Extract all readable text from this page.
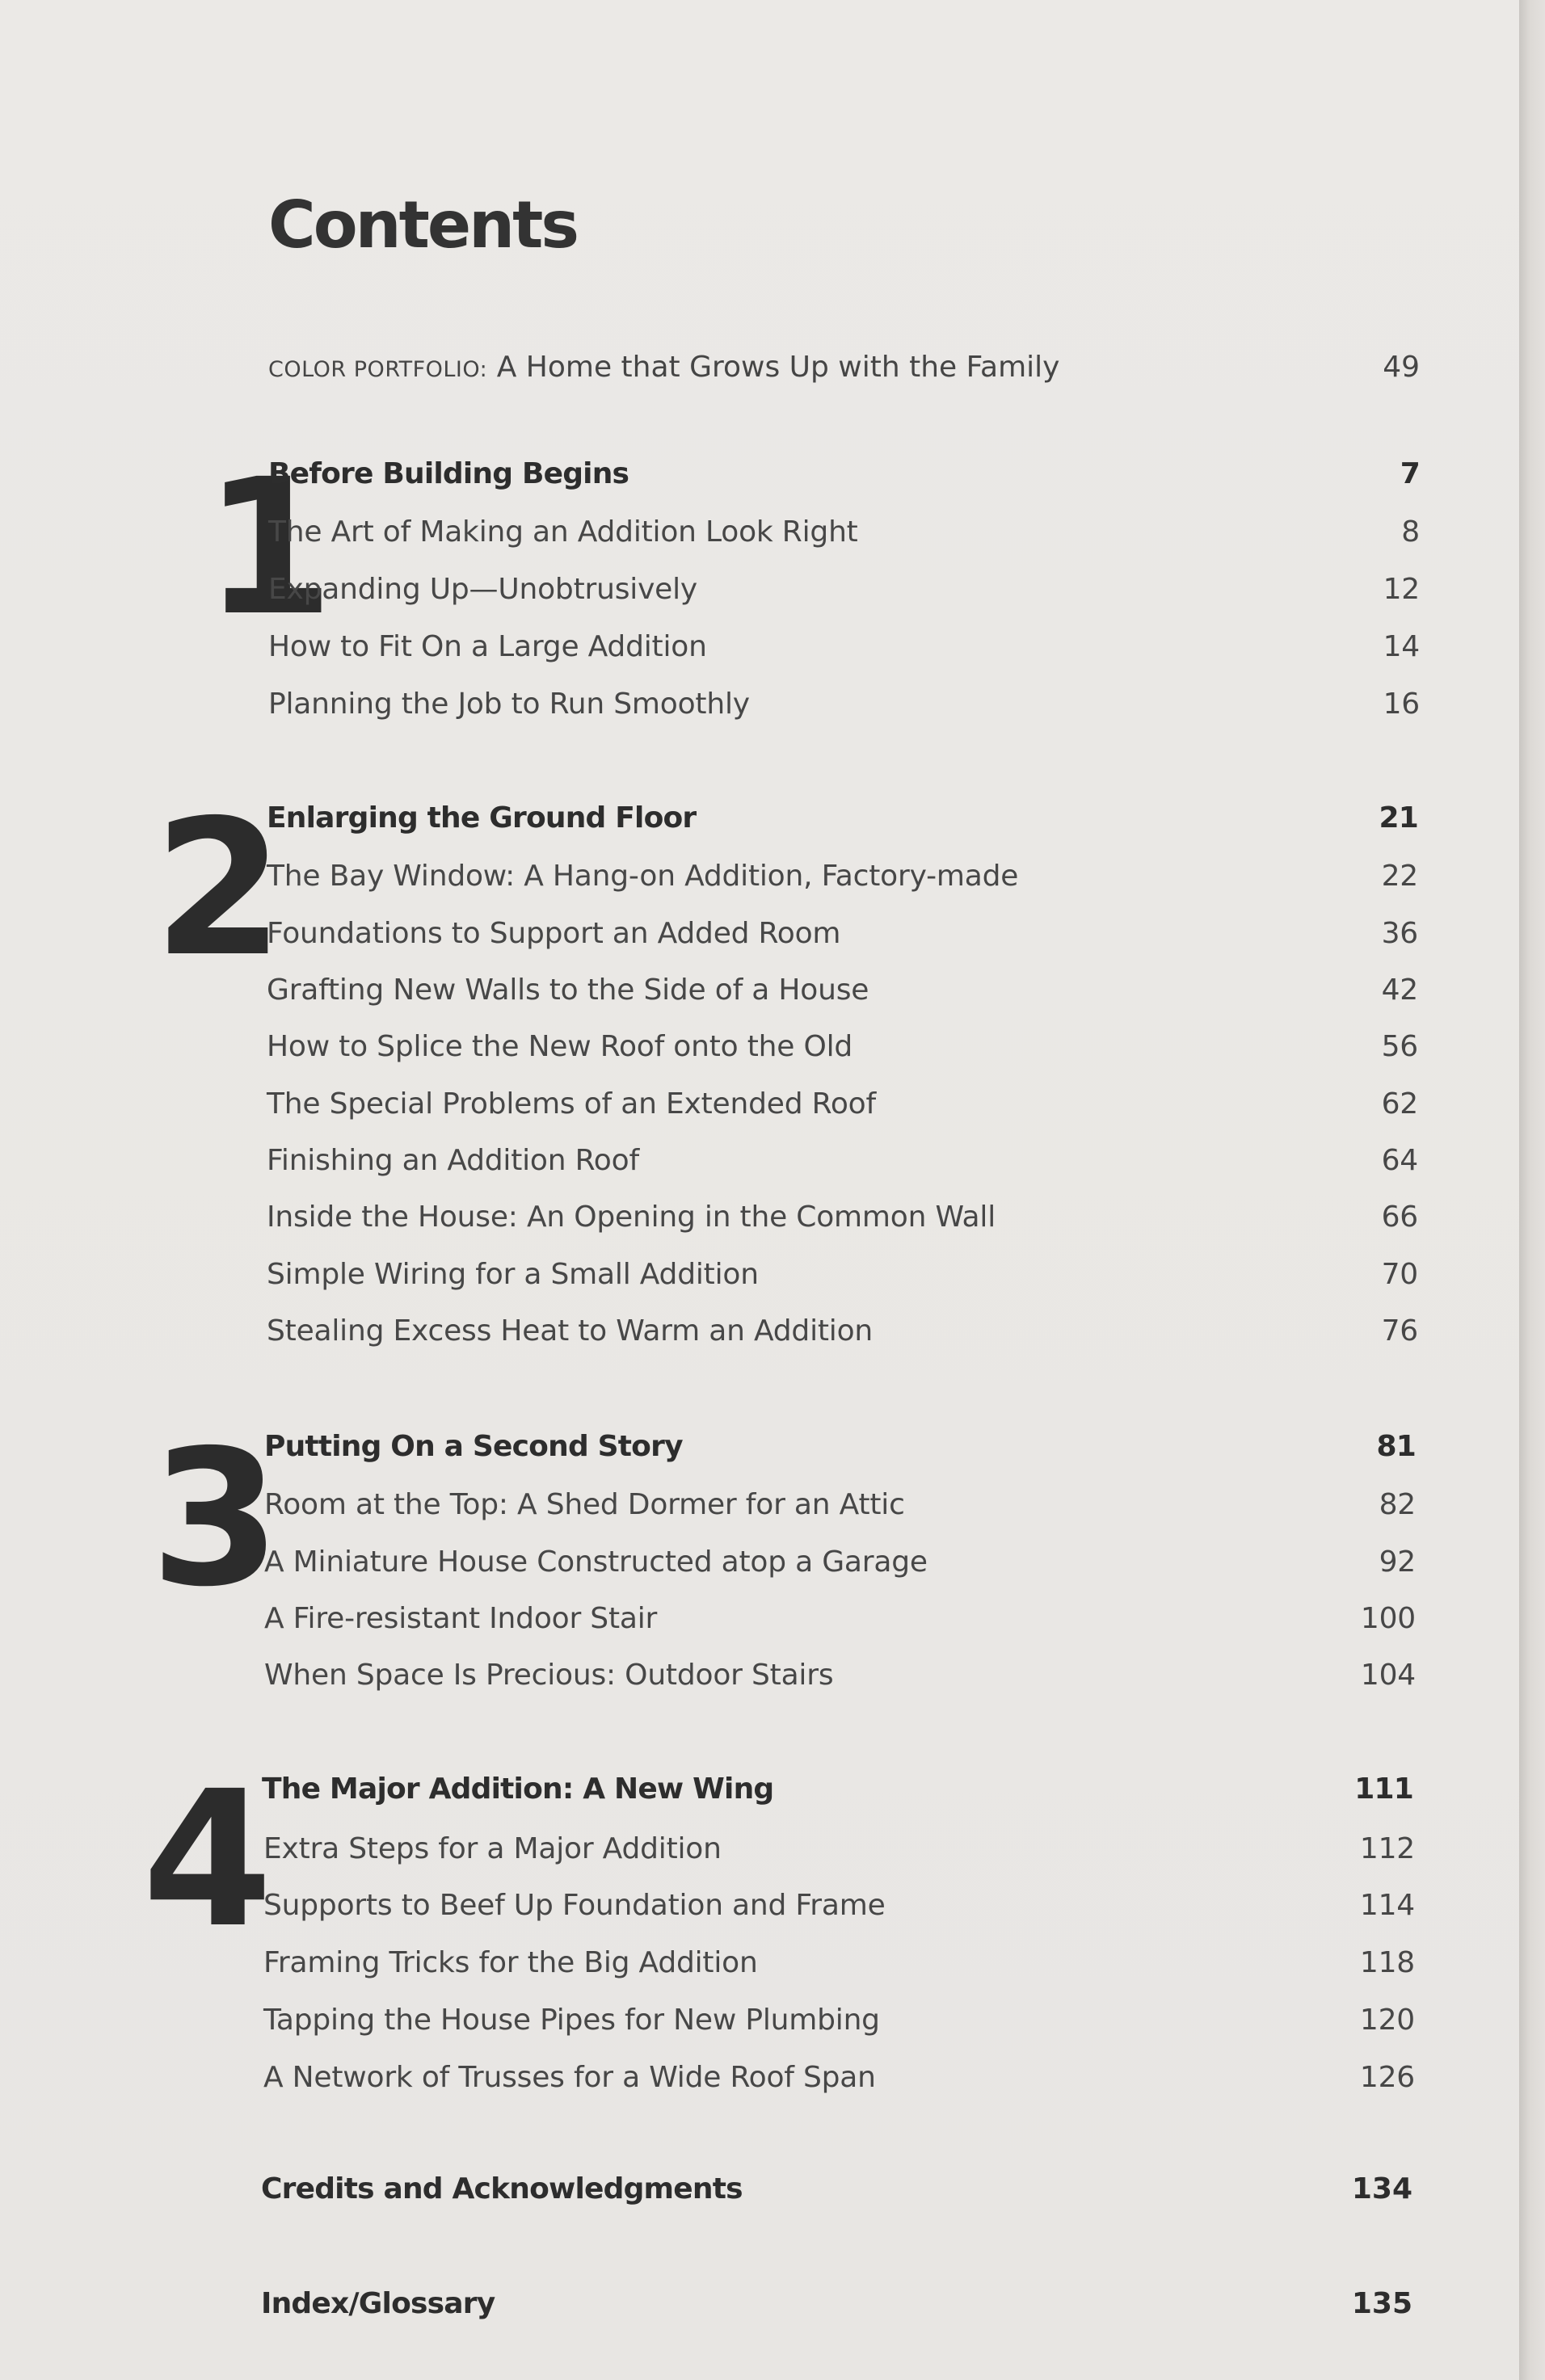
Contents
COLOR PORTFOLIO: A Home that Grows Up with the Family	49
1
Before Building Begins	7
The Art of Making an Addition Look Right	8
Expanding Up—Unobtrusively	12
How to Fit On a Large Addition	14
Planning the Job to Run Smoothly	16
2
Enlarging the Ground Floor	21
The Bay Window: A Hang-on Addition, Factory-made	22
Foundations to Support an Added Room	36
Grafting New Walls to the Side of a House	42
How to Splice the New Roof onto the Old	56
The Special Problems of an Extended Roof	62
Finishing an Addition Roof	64
Inside the House: An Opening in the Common Wall	66
Simple Wiring for a Small Addition	70
Stealing Excess Heat to Warm an Addition	76
3
Putting On a Second Story	81
Room at the Top: A Shed Dormer for an Attic	82
A Miniature House Constructed atop a Garage	92
A Fire-resistant Indoor Stair	100
When Space Is Precious: Outdoor Stairs	104
4
The Major Addition: A New Wing	111
Extra Steps for a Major Addition	112
Supports to Beef Up Foundation and Frame	114
Framing Tricks for the Big Addition	118
Tapping the House Pipes for New Plumbing	120
A Network of Trusses for a Wide Roof Span	126
Credits and Acknowledgments	134
Index/Glossary	135
